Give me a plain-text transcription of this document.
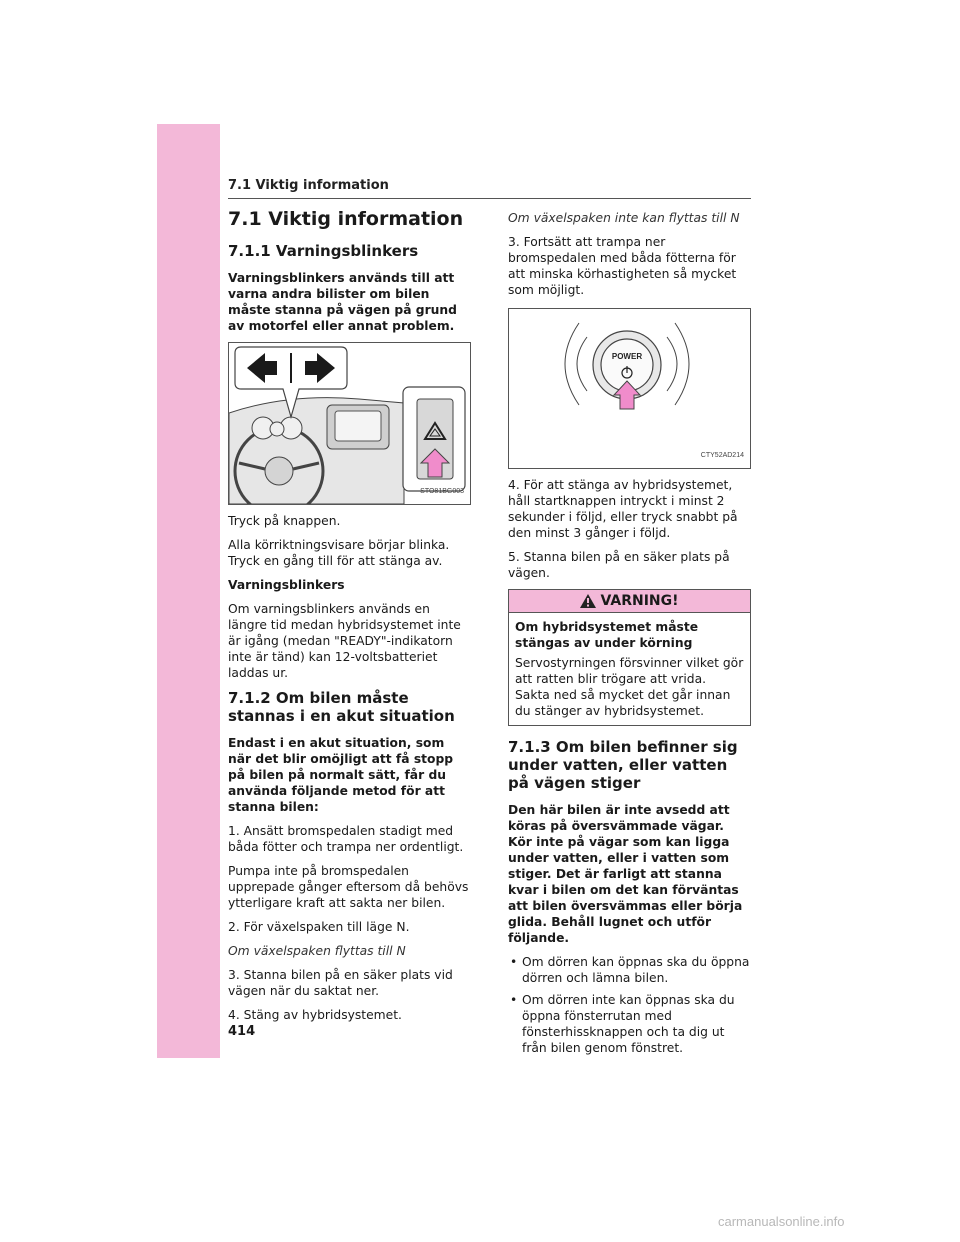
7.1 Viktig information
7.1 Viktig information
7.1.1 Varningsblinkers

Varningsblinkers används till att varna andra bilister om bilen måste stanna på vägen på grund av motorfel eller annat problem.

STO81BG003

Tryck på knappen.

Alla körriktningsvisare börjar blinka. Tryck en gång till för att stänga av.

Varningsblinkers

Om varningsblinkers används en längre tid medan hybridsystemet inte är igång (medan "READY"-indikatorn inte är tänd) kan 12-voltsbatteriet laddas ur.

7.1.2 Om bilen måste stannas i en akut situation

Endast i en akut situation, som när det blir omöjligt att få stopp på bilen på normalt sätt, får du använda följande metod för att stanna bilen:

1. Ansätt bromspedalen stadigt med båda fötter och trampa ner ordentligt.

Pumpa inte på bromspedalen upprepade gånger eftersom då behövs ytterligare kraft att sakta ner bilen.

2. För växelspaken till läge N.

Om växelspaken flyttas till N

3. Stanna bilen på en säker plats vid vägen när du saktat ner.

4. Stäng av hybridsystemet.

Om växelspaken inte kan flyttas till N

3. Fortsätt att trampa ner bromspedalen med båda fötterna för att minska körhastigheten så mycket som möjligt.

POWER
CTY52AD214

4. För att stänga av hybridsystemet, håll startknappen intryckt i minst 2 sekunder i följd, eller tryck snabbt på den minst 3 gånger i följd.

5. Stanna bilen på en säker plats på vägen.

VARNING!

Om hybridsystemet måste stängas av under körning

Servostyrningen försvinner vilket gör att ratten blir trögare att vrida. Sakta ned så mycket det går innan du stänger av hybridsystemet.

7.1.3 Om bilen befinner sig under vatten, eller vatten på vägen stiger

Den här bilen är inte avsedd att köras på översvämmade vägar. Kör inte på vägar som kan ligga under vatten, eller i vatten som stiger. Det är farligt att stanna kvar i bilen om det kan förväntas att bilen översvämmas eller börja glida. Behåll lugnet och utför följande.

• Om dörren kan öppnas ska du öppna dörren och lämna bilen.
• Om dörren inte kan öppnas ska du öppna fönsterrutan med fönsterhissknappen och ta dig ut från bilen genom fönstret.
414
carmanualsonline.info
